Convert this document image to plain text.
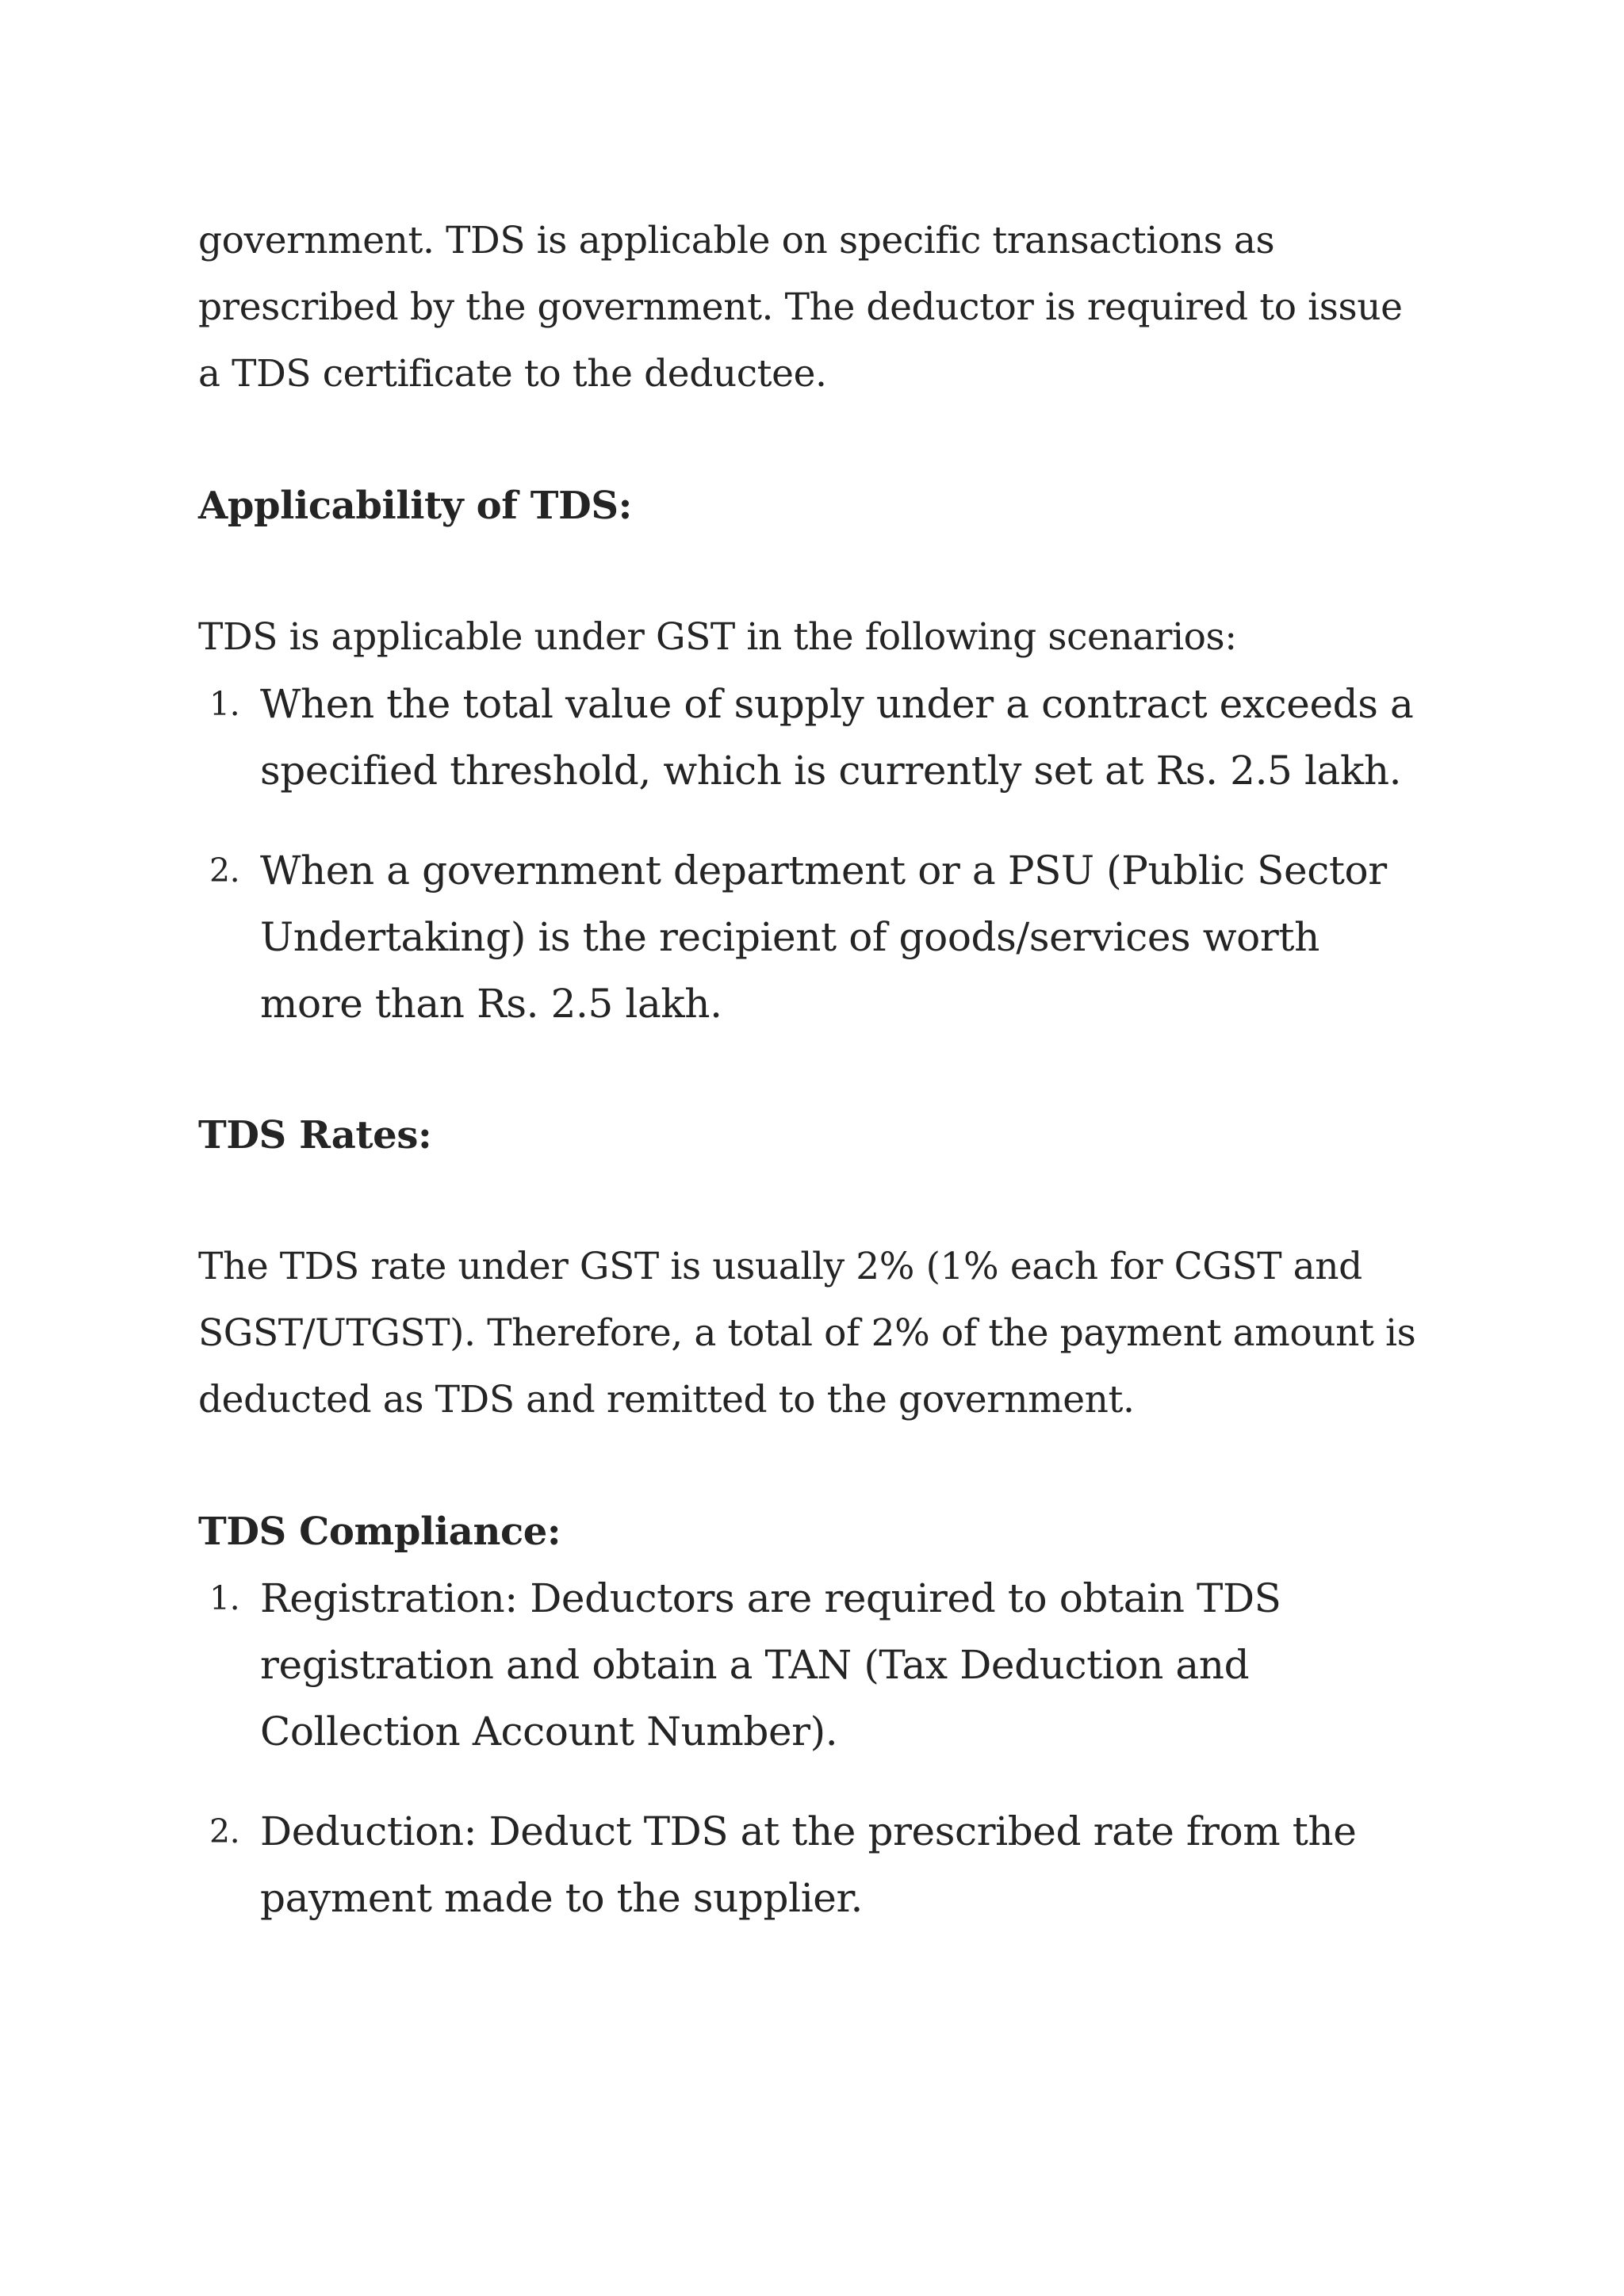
government. TDS is applicable on specific transactions as prescribed by the government. The deductor is required to issue a TDS certificate to the deductee.

Applicability of TDS:

TDS is applicable under GST in the following scenarios:

1. When the total value of supply under a contract exceeds a specified threshold, which is currently set at Rs. 2.5 lakh.
2. When a government department or a PSU (Public Sector Undertaking) is the recipient of goods/services worth more than Rs. 2.5 lakh.
TDS Rates:

The TDS rate under GST is usually 2% (1% each for CGST and SGST/UTGST). Therefore, a total of 2% of the payment amount is deducted as TDS and remitted to the government.

TDS Compliance:
1. Registration: Deductors are required to obtain TDS registration and obtain a TAN (Tax Deduction and Collection Account Number).
2. Deduction: Deduct TDS at the prescribed rate from the payment made to the supplier.
